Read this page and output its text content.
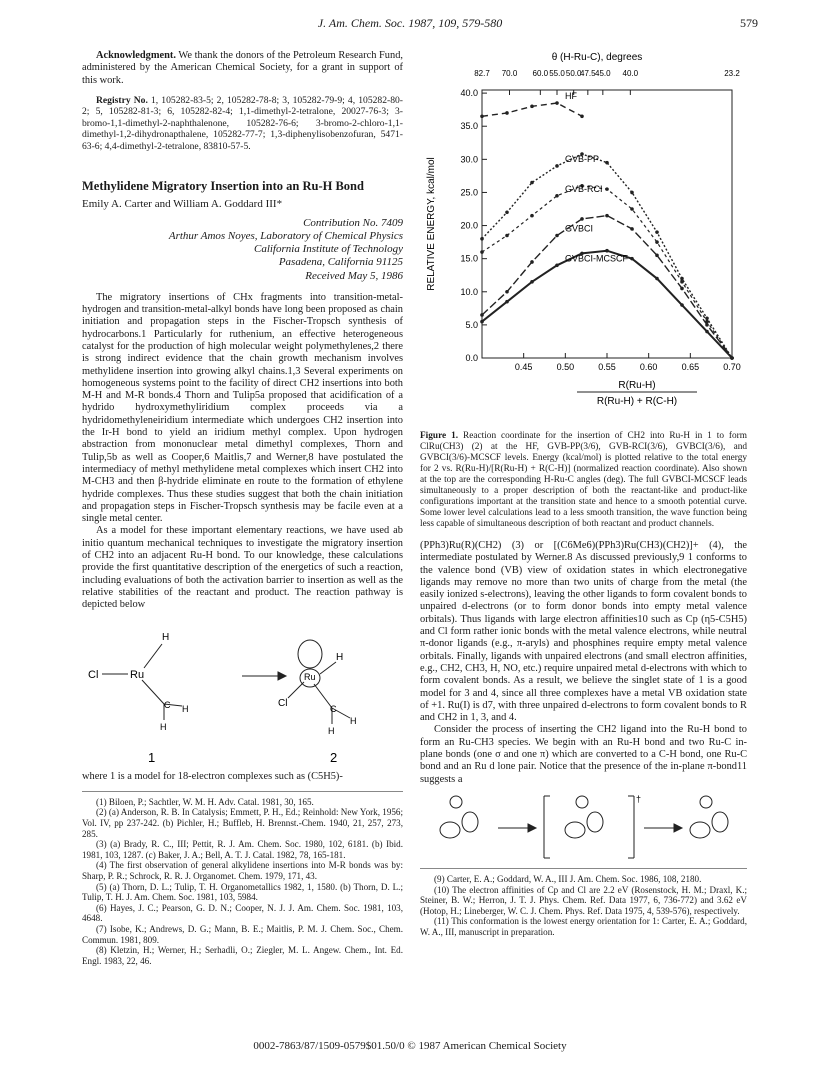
J. Am. Chem. Soc. 1987, 109, 579-580	579

Acknowledgment. We thank the donors of the Petroleum Research Fund, administered by the American Chemical Society, for a grant in support of this work.

Registry No. 1, 105282-83-5; 2, 105282-78-8; 3, 105282-79-9; 4, 105282-80-2; 5, 105282-81-3; 6, 105282-82-4; 1,1-dimethyl-2-tetralone, 20027-76-3; 3-bromo-1,1-dimethyl-2-naphthalenone, 105282-76-6; 3-bromo-2-chloro-1,1-dimethyl-1,2-dihydronapthalene, 105282-77-7; 1,3-diphenylisobenzofuran, 5471-63-6; 4,4-dimethyl-2-tetralone, 83810-57-5.

Methylidene Migratory Insertion into an Ru-H Bond

Emily A. Carter and William A. Goddard III*

Contribution No. 7409
Arthur Amos Noyes, Laboratory of Chemical Physics
California Institute of Technology
Pasadena, California 91125

Received May 5, 1986

The migratory insertions of CHx fragments into transition-metal-hydrogen and transition-metal-alkyl bonds have long been proposed as chain initiation and propagation steps in the Fischer-Tropsch synthesis of hydrocarbons.1 Particularly for ruthenium, an effective heterogeneous catalyst for the production of high molecular weight polymethylenes,2 there is strong indirect evidence that the chain growth mechanism involves methylidene insertion into growing alkyl chains.1,3 Several experiments on homogeneous systems point to the facility of direct CH2 insertions into both M-H and M-R bonds.4 Thorn and Tulip5a proposed that acidification of a hydrido hydroxymethyliridium complex proceeds via a hydridomethyleneiridium intermediate which undergoes CH2 insertion into the Ir-H bond to yield an iridium methyl complex. Upon hydrogen abstraction from mononuclear metal dimethyl complexes, Thorn and Tulip,5b as well as Cooper,6 Maitlis,7 and Werner,8 have postulated the intermediacy of methyl methylidene metal complexes which insert CH2 into M-CH3 and then β-hydride eliminate en route to the formation of ethylene hydride complexes. Thus these studies suggest that both the chain initiation and propagation steps in Fischer-Tropsch synthesis may be facile even at a single metal center.

As a model for these important elementary reactions, we have used ab initio quantum mechanical techniques to investigate the migratory insertion of CH2 into an adjacent Ru-H bond. To our knowledge, these calculations provide the first quantitative description of the energetics of such a reaction, including evaluations of both the activation barrier to insertion as well as the relative stabilities of the reactant and product. The reaction pathway is depicted below

Cl	Ru
H
C H
H
Ru
H
Cl	C
H
H
1	2

where 1 is a model for 18-electron complexes such as (C5H5)-

(1) Biloen, P.; Sachtler, W. M. H. Adv. Catal. 1981, 30, 165.

(2) (a) Anderson, R. B. In Catalysis; Emmett, P. H., Ed.; Reinhold: New York, 1956; Vol. IV, pp 237-242. (b) Pichler, H.; Buffleb, H. Brennst.-Chem. 1940, 21, 257, 273, 285.

(3) (a) Brady, R. C., III; Pettit, R. J. Am. Chem. Soc. 1980, 102, 6181. (b) Ibid. 1981, 103, 1287. (c) Baker, J. A.; Bell, A. T. J. Catal. 1982, 78, 165-181.

(4) The first observation of general alkylidene insertions into M-R bonds was by: Sharp, P. R.; Schrock, R. R. J. Organomet. Chem. 1979, 171, 43.

(5) (a) Thorn, D. L.; Tulip, T. H. Organometallics 1982, 1, 1580. (b) Thorn, D. L.; Tulip, T. H. J. Am. Chem. Soc. 1981, 103, 5984.

(6) Hayes, J. C.; Pearson, G. D. N.; Cooper, N. J. J. Am. Chem. Soc. 1981, 103, 4648.

(7) Isobe, K.; Andrews, D. G.; Mann, B. E.; Maitlis, P. M. J. Chem. Soc., Chem. Commun. 1981, 809.

(8) Kletzin, H.; Werner, H.; Serhadli, O.; Ziegler, M. L. Angew. Chem., Int. Ed. Engl. 1983, 22, 46.

θ (H-Ru-C), degrees
82.7 70.0 60.0 55.0 50.0
47.5 45.0 40.0	23.2
0.0
5.0
10.0
15.0
20.0
25.0
30.0
35.0
40.0
0.45	0.50	0.55	0.60	0.65	0.70
RELATIVE ENERGY, kcal/mol
R(Ru-H)
R(Ru-H) + R(C-H)
HF
GVB-PP
GVB-RCI
GVBCI
GVBCI-MCSCF

Figure 1. Reaction coordinate for the insertion of CH2 into Ru-H in 1 to form ClRu(CH3) (2) at the HF, GVB-PP(3/6), GVB-RCI(3/6), GVBCI(3/6), and GVBCI(3/6)-MCSCF levels. Energy (kcal/mol) is plotted relative to the total energy for 2 vs. R(Ru-H)/[R(Ru-H) + R(C-H)] (normalized reaction coordinate). Also shown at the top are the corresponding H-Ru-C angles (deg). The full GVBCI-MCSCF leads simultaneously to a proper description of both the reactant-like and product-like configurations important at the transition state and hence to a smooth potential curve. Some lower level calculations lead to a less smooth transition, the wave function being less capable of simultaneous description of both reactant and product channels.

(PPh3)Ru(R)(CH2) (3) or [(C6Me6)(PPh3)Ru(CH3)(CH2)]+ (4), the intermediate postulated by Werner.8 As discussed previously,9 1 conforms to the valence bond (VB) view of oxidation states in which electronegative ligands may remove no more than two units of charge from the metal (the easily ionized s-electrons), leaving the other ligands to form covalent bonds to unpaired d-electrons (or to form donor bonds into empty metal valence orbitals). Thus ligands with large electron affinities10 such as Cp (η5-C5H5) and Cl form rather ionic bonds with the metal valence electrons, while neutral π-donor ligands (e.g., π-aryls) and phosphines require empty metal valence orbitals. Finally, ligands with unpaired electrons (and small electron affinities, e.g., CH2, CH3, H, NO, etc.) require unpaired metal d-electrons with which to form covalent bonds. As a result, we believe the singlet state of 1 is a good model for 3 and 4, since all three complexes have a metal VB oxidation state of +1. Ru(I) is d7, with three unpaired d-electrons to form covalent bonds to R and CH2 in 1, 3, and 4.

Consider the process of inserting the CH2 ligand into the Ru-H bond to form an Ru-CH3 species. We begin with an Ru-H bond and two Ru-C in-plane bonds (one σ and one π) which are converted to a C-H bond, one Ru-C bond and an Ru d lone pair. Notice that the presence of the in-plane π-bond11 suggests a

†

(9) Carter, E. A.; Goddard, W. A., III J. Am. Chem. Soc. 1986, 108, 2180.

(10) The electron affinities of Cp and Cl are 2.2 eV (Rosenstock, H. M.; Draxl, K.; Steiner, B. W.; Herron, J. T. J. Phys. Chem. Ref. Data 1977, 6, 736-772) and 3.62 eV (Hotop, H.; Lineberger, W. C. J. Chem. Phys. Ref. Data 1975, 4, 539-576), respectively.

(11) This conformation is the lowest energy orientation for 1: Carter, E. A.; Goddard, W. A., III, manuscript in preparation.

0002-7863/87/1509-0579$01.50/0 © 1987 American Chemical Society
